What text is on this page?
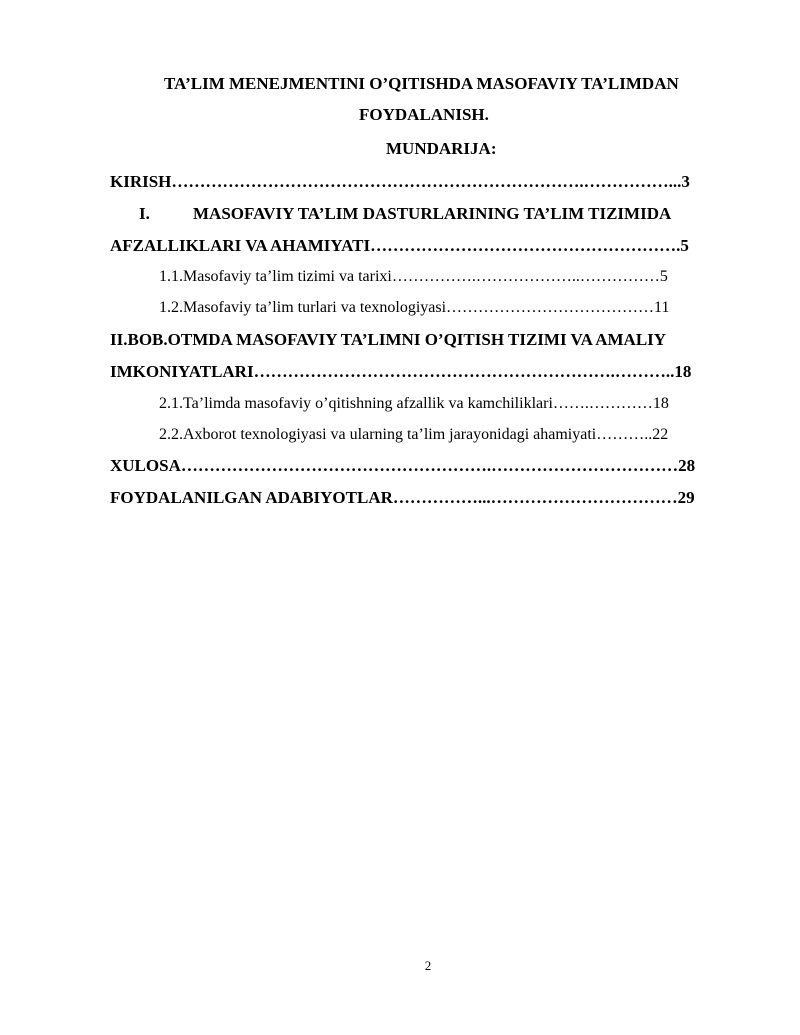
TA’LIM MENEJMENTINI O’QITISHDA MASOFAVIY TA’LIMDAN
FOYDALANISH.
MUNDARIJA:
KIRISH……………………………………………………………….……………...3
I.	MASOFAVIY TA’LIM DASTURLARINING TA’LIM TIZIMIDA
AFZALLIKLARI VA AHAMIYATI……………………………………………….5
1.1.Masofaviy ta’lim tizimi va tarixi…………….………………..……………5
1.2.Masofaviy ta’lim turlari va texnologiyasi…………………………………11
II.BOB.OTMDA MASOFAVIY TA’LIMNI O’QITISH TIZIMI VA AMALIY
IMKONIYATLARI……………………………………………………….………..18
2.1.Ta’limda masofaviy o’qitishning afzallik va kamchiliklari…….…………18
2.2.Axborot texnologiyasi va ularning ta’lim jarayonidagi ahamiyati………..22
XULOSA……………………………………………….……………………………28
FOYDALANILGAN ADABIYOTLAR……………...……………………………29
2
